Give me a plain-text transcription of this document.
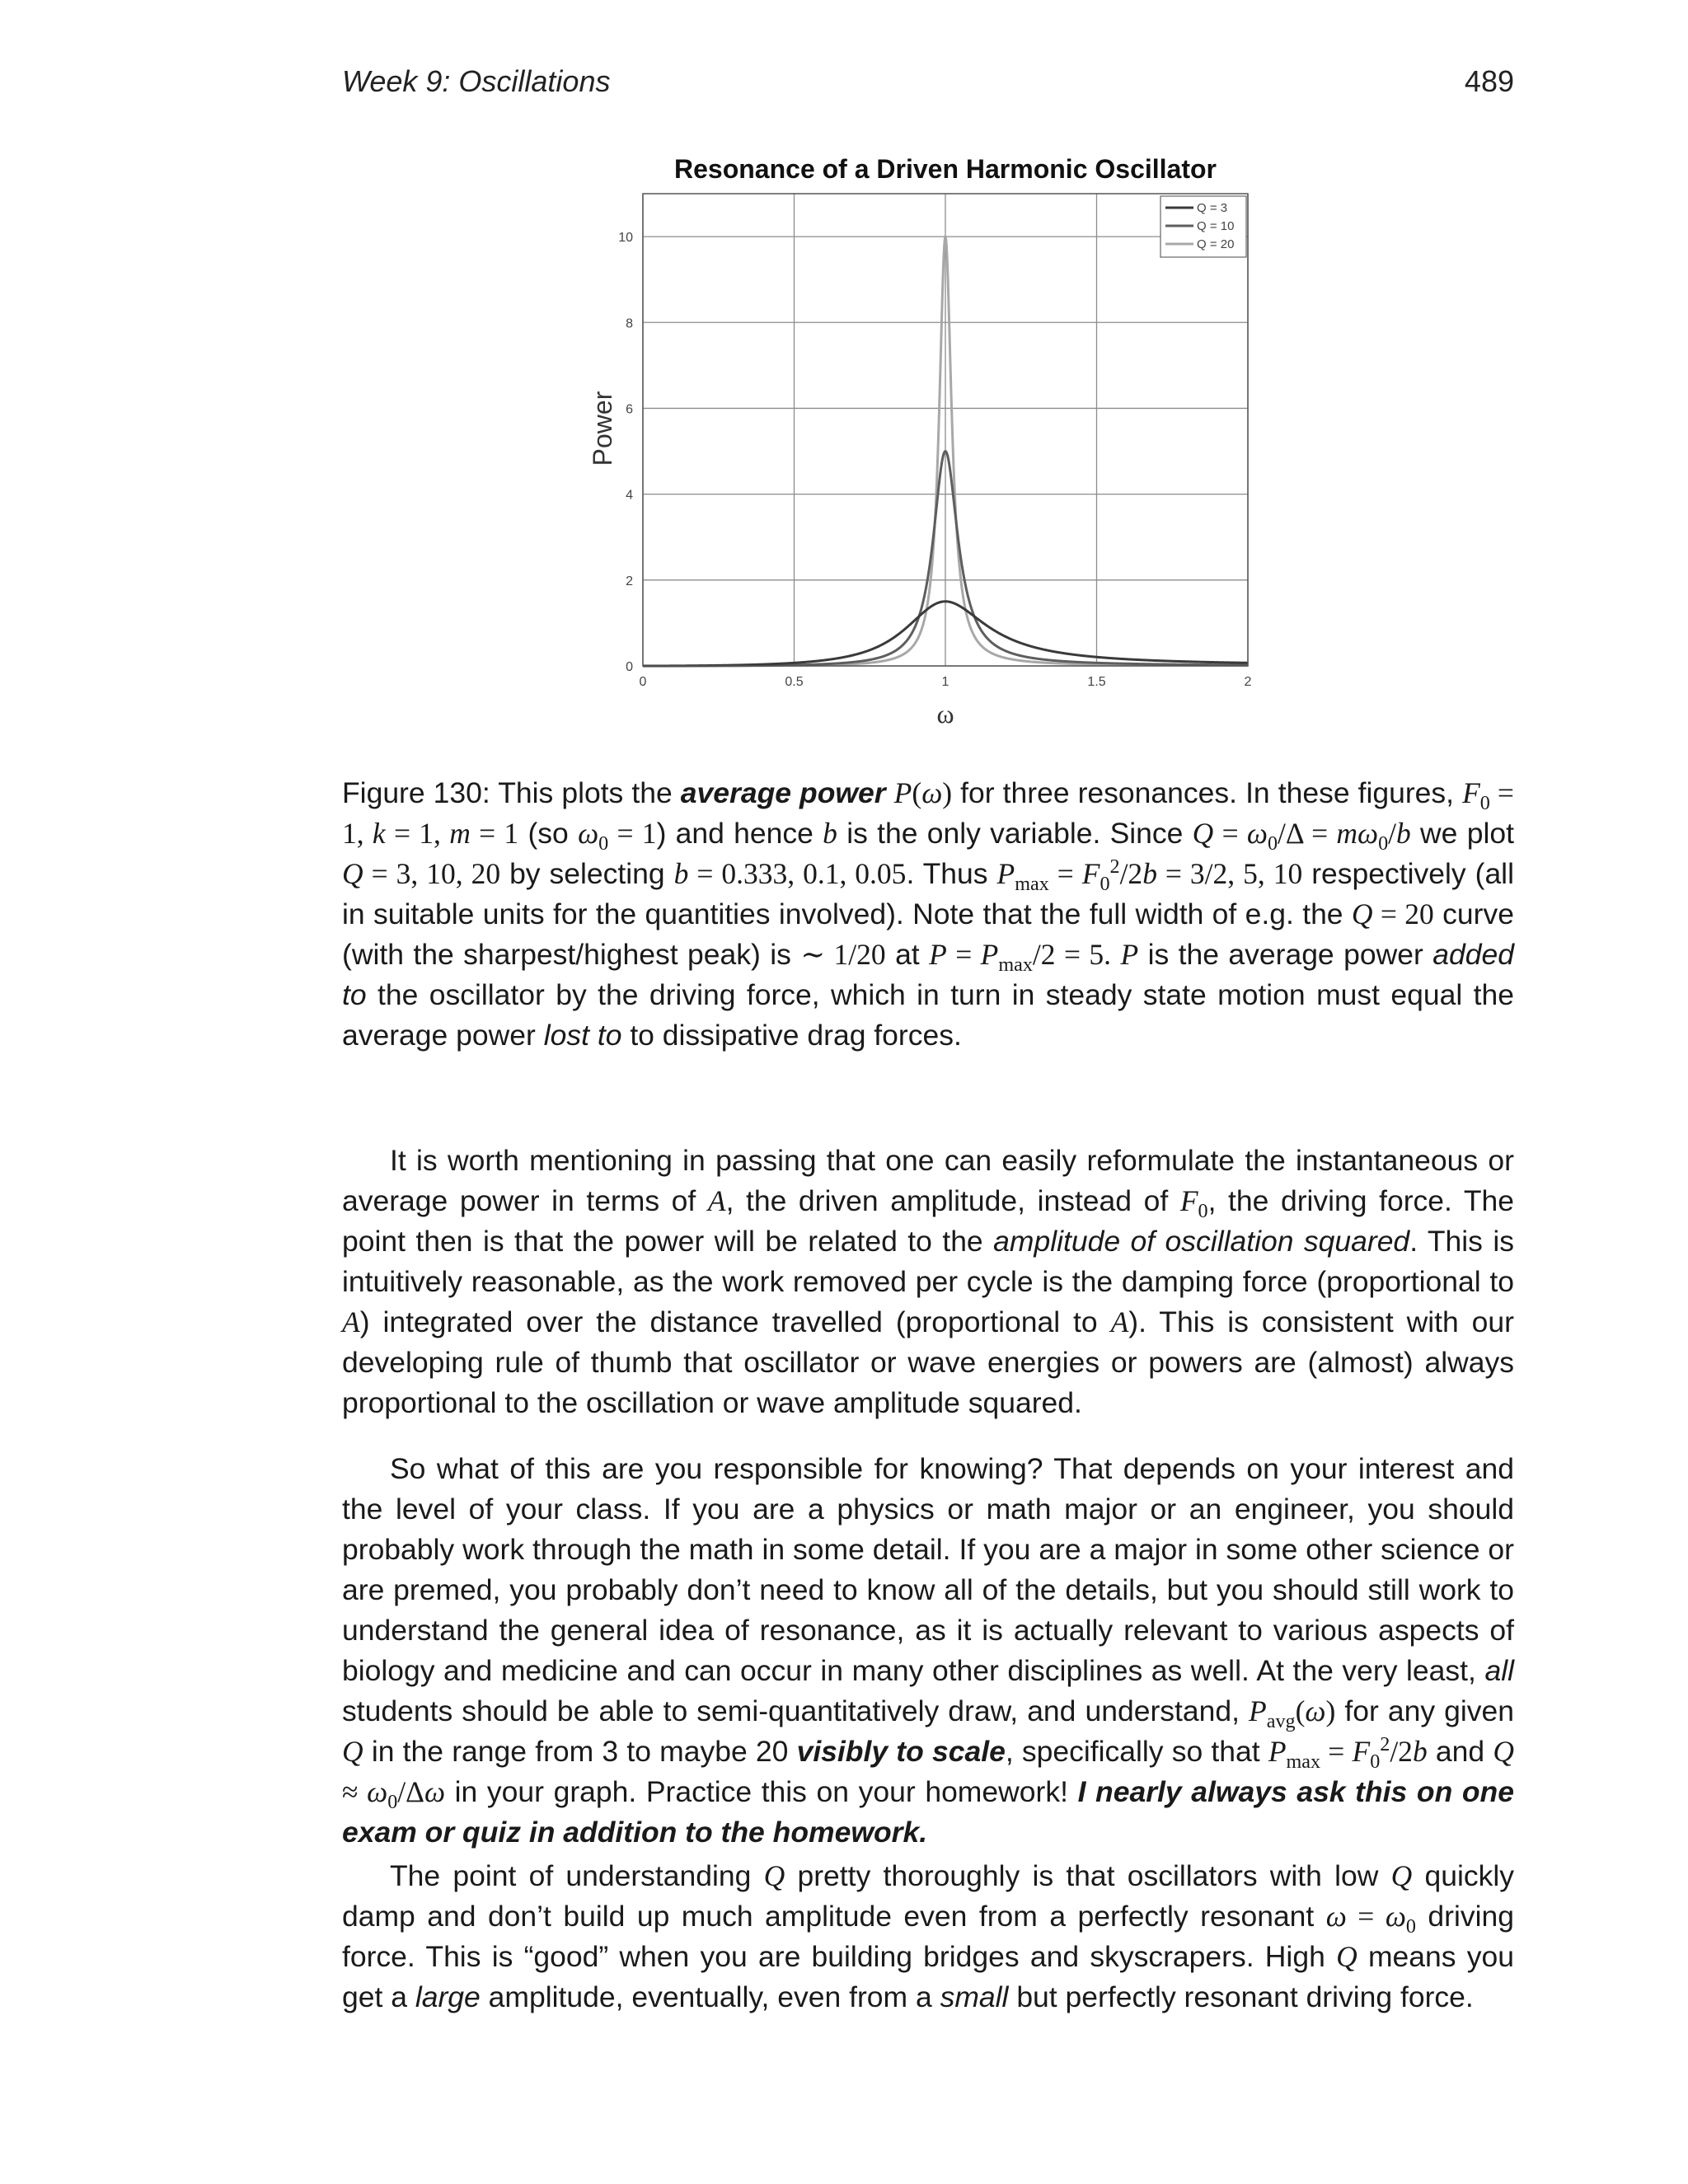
Week 9: Oscillations	489
Resonance of a Driven Harmonic Oscillator
0	0.5	1	1.5	2
0
2
4
6
8
10
Power
ω
Q = 3
Q = 10
Q = 20
Figure 130: This plots the average power P(ω) for three resonances. In these figures, $F_0 = 1$, k = 1, m = 1 (so $\omega_0 = 1$) and hence b is the only variable. Since $Q = \omega_0/\Delta = m\omega_0/b$ we plot Q = 3, 10, 20 by selecting b = 0.333, 0.1, 0.05. Thus $P_{max} = F_0^2/2b = 3/2$, 5, 10 respectively (all in suitable units for the quantities involved). Note that the full width of e.g. the Q = 20 curve (with the sharpest/highest peak) is ∼ 1/20 at $P = P_{max}/2 = 5$. P is the average power added to the oscillator by the driving force, which in turn in steady state motion must equal the average power lost to to dissipative drag forces.

It is worth mentioning in passing that one can easily reformulate the instantaneous or average power in terms of A, the driven amplitude, instead of $F_0$, the driving force. The point then is that the power will be related to the amplitude of oscillation squared. This is intuitively reasonable, as the work removed per cycle is the damping force (proportional to A) integrated over the distance travelled (proportional to A). This is consistent with our developing rule of thumb that oscillator or wave energies or powers are (almost) always proportional to the oscillation or wave amplitude squared.

So what of this are you responsible for knowing? That depends on your interest and the level of your class. If you are a physics or math major or an engineer, you should probably work through the math in some detail. If you are a major in some other science or are premed, you probably don’t need to know all of the details, but you should still work to understand the general idea of resonance, as it is actually relevant to various aspects of biology and medicine and can occur in many other disciplines as well. At the very least, all students should be able to semi-quantitatively draw, and understand, $P_{avg}(\omega)$ for any given Q in the range from 3 to maybe 20 visibly to scale, specifically so that $P_{max} = F_0^2/2b$ and $Q \approx \omega_0/\Delta\omega$ in your graph. Practice this on your homework! I nearly always ask this on one exam or quiz in addition to the homework.

The point of understanding Q pretty thoroughly is that oscillators with low Q quickly damp and don’t build up much amplitude even from a perfectly resonant $\omega = \omega_0$ driving force. This is “good” when you are building bridges and skyscrapers. High Q means you get a large amplitude, eventually, even from a small but perfectly resonant driving force.
